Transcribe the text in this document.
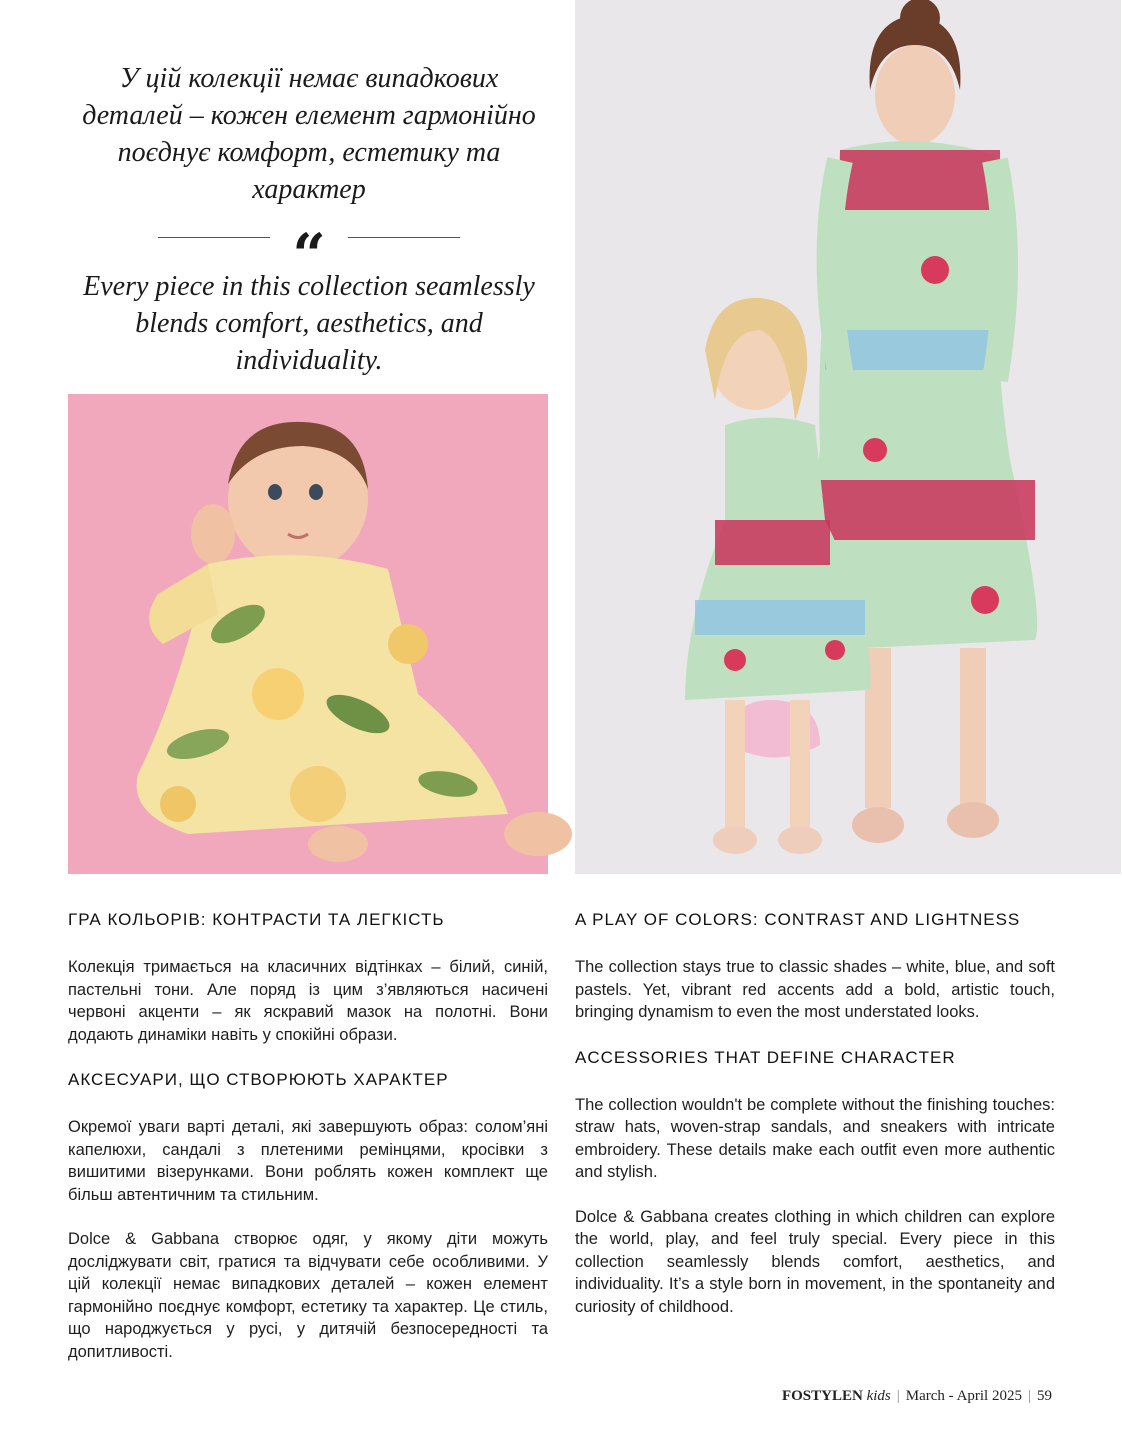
У цій колекції немає випадкових деталей – кожен елемент гармонійно поєднує комфорт, естетику та характер

“

Every piece in this collection seamlessly blends comfort, aesthetics, and individuality.

ГРА КОЛЬОРІВ: КОНТРАСТИ ТА ЛЕГКІСТЬ

Колекція тримається на класичних відтінках – білий, синій, пастельні тони. Але поряд із цим з’являються насичені червоні акценти – як яскравий мазок на полотні. Вони додають динаміки навіть у спокійні образи.

АКСЕСУАРИ, ЩО СТВОРЮЮТЬ ХАРАКТЕР

Окремої уваги варті деталі, які завершують образ: солом’яні капелюхи, сандалі з плетеними ремінцями, кросівки з вишитими візерунками. Вони роблять кожен комплект ще більш автентичним та стильним.

Dolce & Gabbana створює одяг, у якому діти можуть досліджувати світ, гратися та відчувати себе особливими. У цій колекції немає випадкових деталей – кожен елемент гармонійно поєднує комфорт, естетику та характер. Це стиль, що народжується у русі, у дитячій безпосередності та допитливості.

A PLAY OF COLORS: CONTRAST AND LIGHTNESS

The collection stays true to classic shades – white, blue, and soft pastels. Yet, vibrant red accents add a bold, artistic touch, bringing dynamism to even the most understated looks.

ACCESSORIES THAT DEFINE CHARACTER

The collection wouldn't be complete without the finishing touches: straw hats, woven-strap sandals, and sneakers with intricate embroidery. These details make each outfit even more authentic and stylish.

Dolce & Gabbana creates clothing in which children can explore the world, play, and feel truly special. Every piece in this collection seamlessly blends comfort, aesthetics, and individuality. It’s a style born in movement, in the spontaneity and curiosity of childhood.

FOSTYLEN kids | March - April 2025 | 59
